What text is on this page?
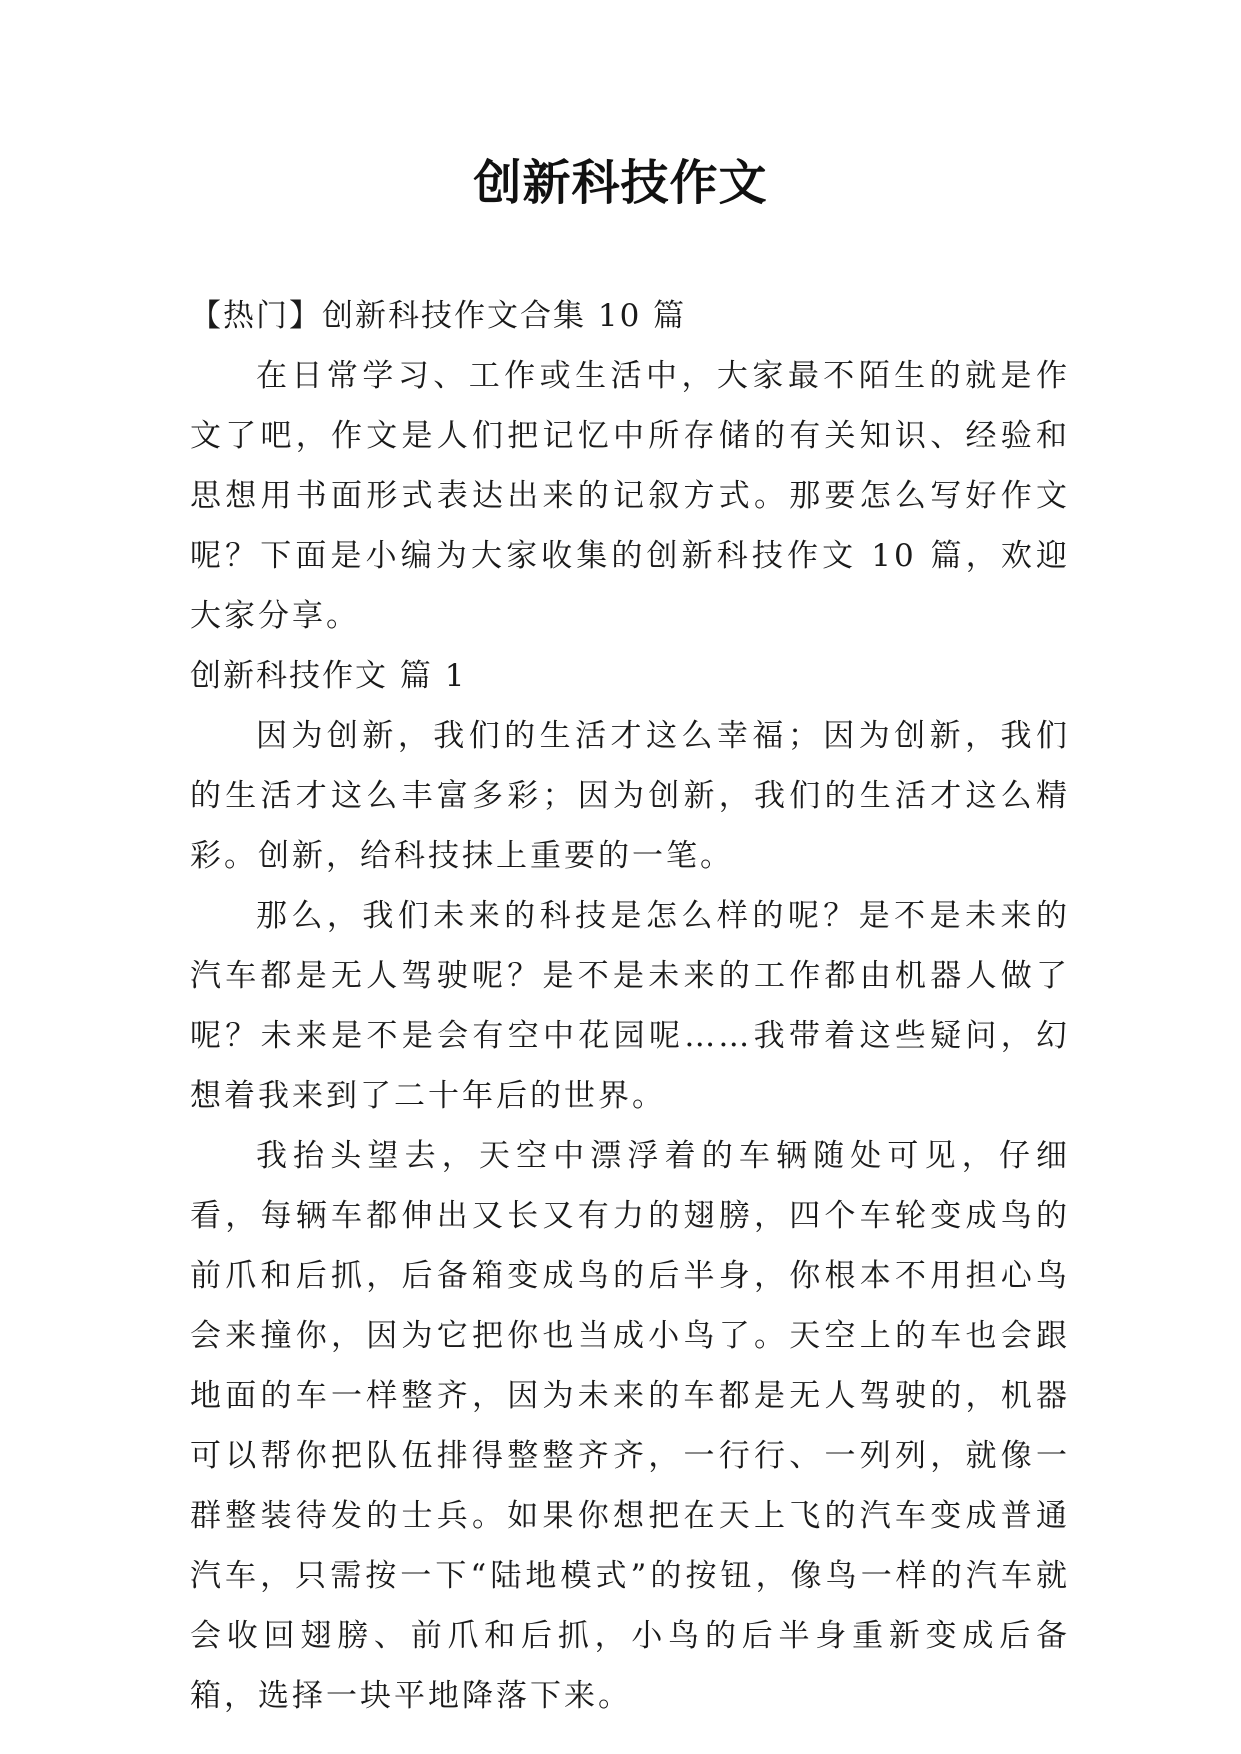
创新科技作文
【热门】创新科技作文合集 10 篇
在日常学习、工作或生活中，大家最不陌生的就是作文了吧，作文是人们把记忆中所存储的有关知识、经验和思想用书面形式表达出来的记叙方式。那要怎么写好作文呢？下面是小编为大家收集的创新科技作文 10 篇，欢迎大家分享。
创新科技作文 篇 1
因为创新，我们的生活才这么幸福；因为创新，我们的生活才这么丰富多彩；因为创新，我们的生活才这么精彩。创新，给科技抹上重要的一笔。
那么，我们未来的科技是怎么样的呢？是不是未来的汽车都是无人驾驶呢？是不是未来的工作都由机器人做了呢？未来是不是会有空中花园呢……我带着这些疑问，幻想着我来到了二十年后的世界。
我抬头望去，天空中漂浮着的车辆随处可见，仔细看，每辆车都伸出又长又有力的翅膀，四个车轮变成鸟的前爪和后抓，后备箱变成鸟的后半身，你根本不用担心鸟会来撞你，因为它把你也当成小鸟了。天空上的车也会跟地面的车一样整齐，因为未来的车都是无人驾驶的，机器可以帮你把队伍排得整整齐齐，一行行、一列列，就像一群整装待发的士兵。如果你想把在天上飞的汽车变成普通汽车，只需按一下“陆地模式”的按钮，像鸟一样的汽车就会收回翅膀、前爪和后抓，小鸟的后半身重新变成后备箱，选择一块平地降落下来。
